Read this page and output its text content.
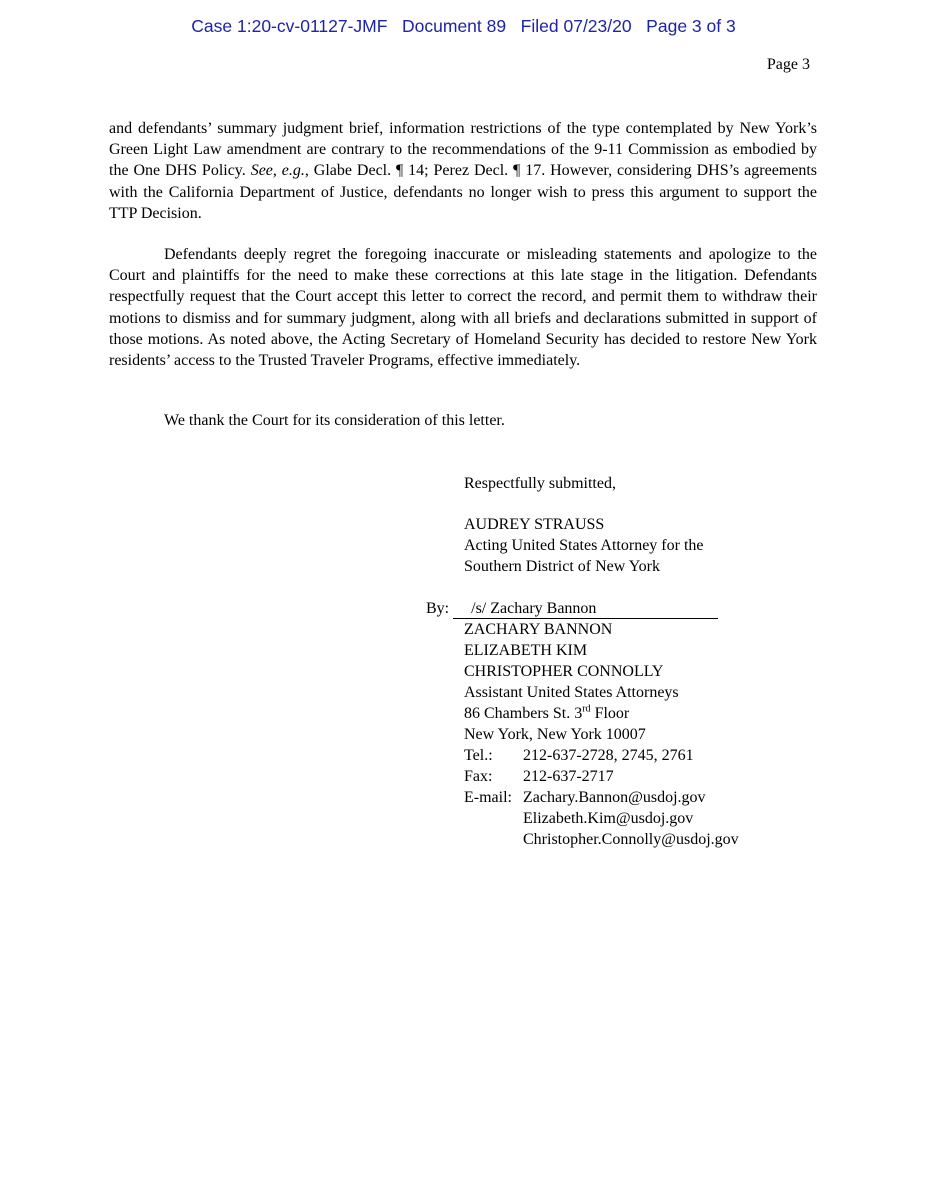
Case 1:20-cv-01127-JMF   Document 89   Filed 07/23/20   Page 3 of 3
Page 3
and defendants’ summary judgment brief, information restrictions of the type contemplated by New York’s Green Light Law amendment are contrary to the recommendations of the 9-11 Commission as embodied by the One DHS Policy. See, e.g., Glabe Decl. ¶ 14; Perez Decl. ¶ 17. However, considering DHS’s agreements with the California Department of Justice, defendants no longer wish to press this argument to support the TTP Decision.
Defendants deeply regret the foregoing inaccurate or misleading statements and apologize to the Court and plaintiffs for the need to make these corrections at this late stage in the litigation. Defendants respectfully request that the Court accept this letter to correct the record, and permit them to withdraw their motions to dismiss and for summary judgment, along with all briefs and declarations submitted in support of those motions. As noted above, the Acting Secretary of Homeland Security has decided to restore New York residents’ access to the Trusted Traveler Programs, effective immediately.
We thank the Court for its consideration of this letter.
Respectfully submitted,
AUDREY STRAUSS
Acting United States Attorney for the
Southern District of New York
By: /s/ Zachary Bannon
ZACHARY BANNON
ELIZABETH KIM
CHRISTOPHER CONNOLLY
Assistant United States Attorneys
86 Chambers St. 3rd Floor
New York, New York 10007
Tel.:	212-637-2728, 2745, 2761
Fax:	212-637-2717
E-mail: Zachary.Bannon@usdoj.gov
Elizabeth.Kim@usdoj.gov
Christopher.Connolly@usdoj.gov
